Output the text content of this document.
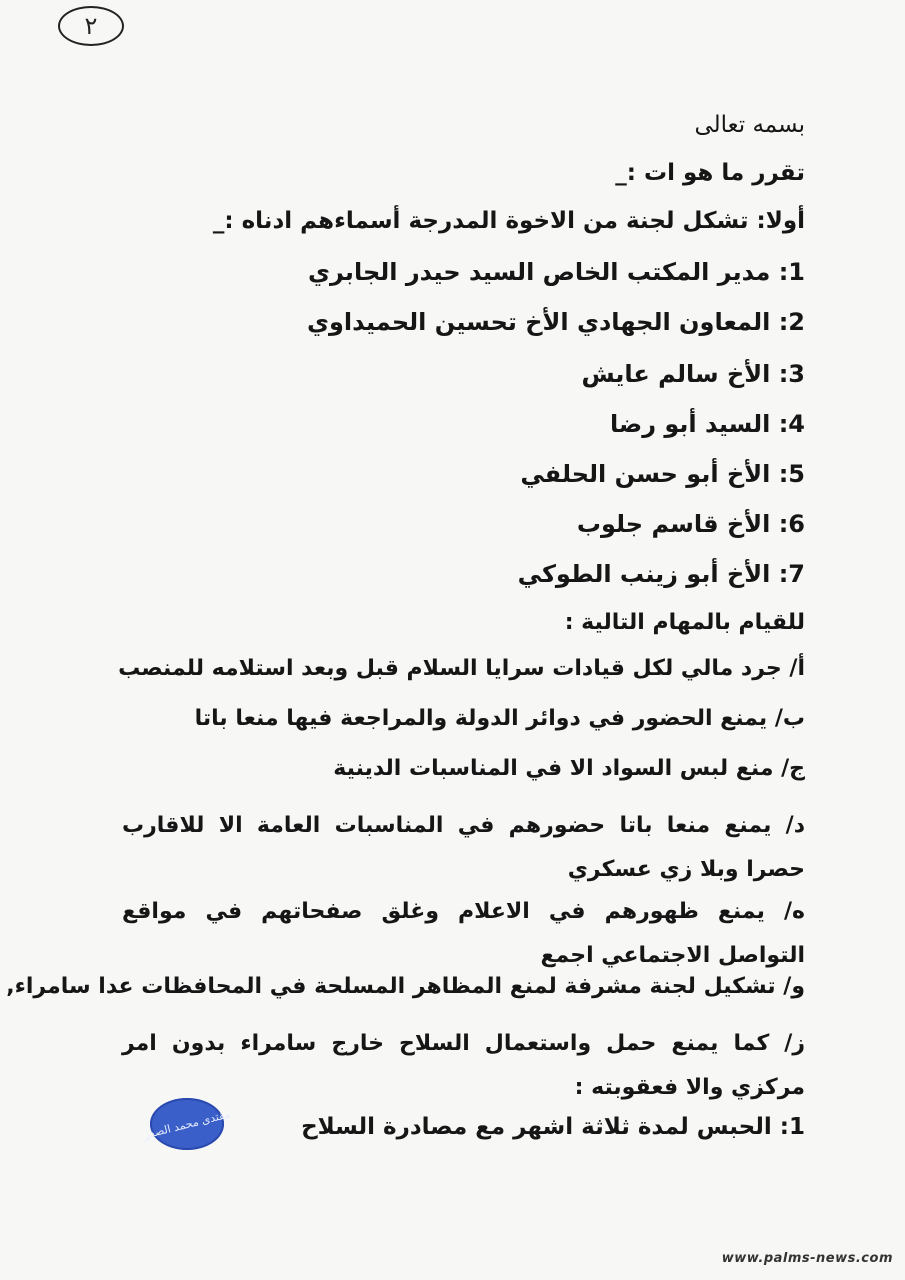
٢
بسمه تعالى
تقرر ما هو ات :_
أولا: تشكل لجنة من الاخوة المدرجة أسماءهم ادناه :_
1: مدير المكتب الخاص السيد حيدر الجابري
2: المعاون الجهادي الأخ تحسين الحميداوي
3: الأخ سالم عايش
4: السيد أبو رضا
5: الأخ أبو حسن الحلفي
6: الأخ قاسم جلوب
7: الأخ أبو زينب الطوكي
للقيام بالمهام التالية :
أ/ جرد مالي لكل قيادات سرايا السلام قبل وبعد استلامه للمنصب
ب/ يمنع الحضور في دوائر الدولة والمراجعة فيها منعا باتا
ج/ منع لبس السواد الا في المناسبات الدينية
د/ يمنع منعا باتا حضورهم في المناسبات العامة الا للاقارب حصرا وبلا زي عسكري
ه/ يمنع ظهورهم في الاعلام وغلق صفحاتهم في مواقع التواصل الاجتماعي اجمع
و/ تشكيل لجنة مشرفة لمنع المظاهر المسلحة في المحافظات عدا سامراء,
ز/ كما يمنع حمل واستعمال السلاح خارج سامراء بدون امر مركزي والا فعقوبته :
1: الحبس لمدة ثلاثة اشهر مع مصادرة السلاح
مقتدى محمد الصدر
www.palms-news.com
